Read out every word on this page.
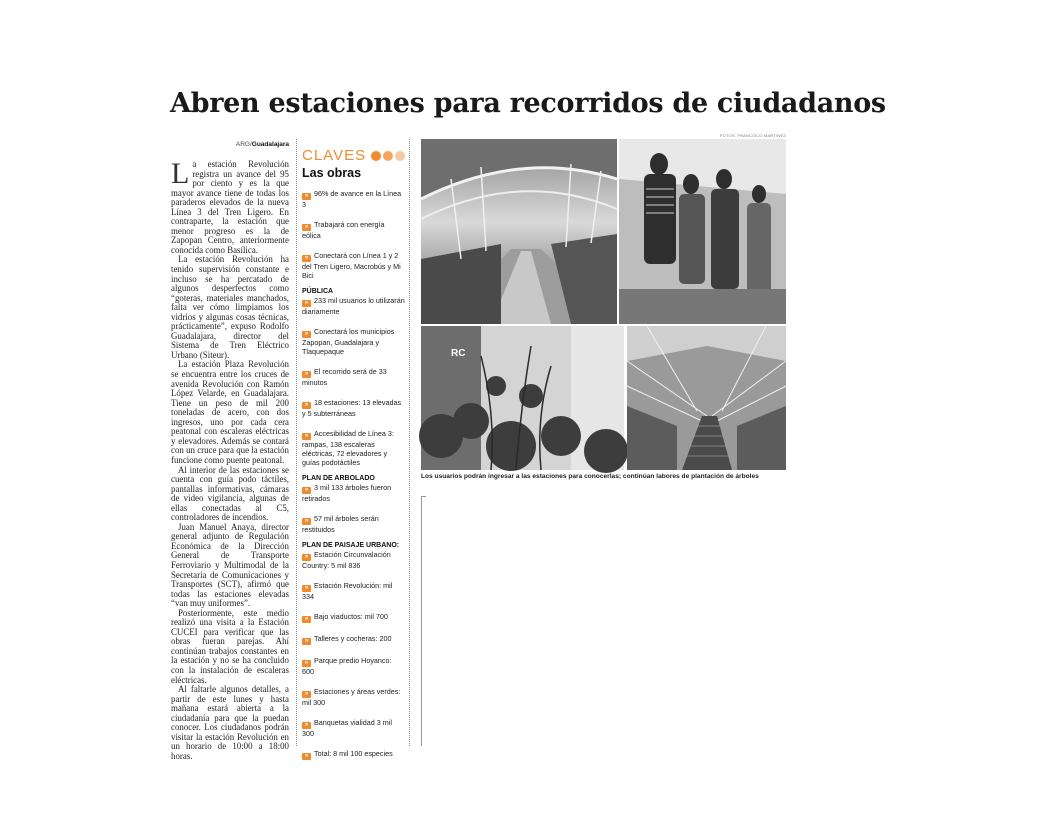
Abren estaciones para recorridos de ciudadanos
FOTOS: FRANCISCO MARTÍNEZ
ARG/Guadalajara

La estación Revolución registra un avance del 95 por ciento y es la que mayor avance tiene de todas los paraderos elevados de la nueva Línea 3 del Tren Ligero. En contraparte, la estación que menor progreso es la de Zapopan Centro, anteriormente conocida como Basílica.

La estación Revolución ha tenido supervisión constante e incluso se ha percatado de algunos desperfectos como “goteras, materiales manchados, falta ver cómo limpiamos los vidrios y algunas cosas técnicas, prácticamente”, expuso Rodolfo Guadalajara, director del Sistema de Tren Eléctrico Urbano (Siteur).

La estación Plaza Revolución se encuentra entre los cruces de avenida Revolución con Ramón López Velarde, en Guadalajara. Tiene un peso de mil 200 toneladas de acero, con dos ingresos, uno por cada cera peatonal con escaleras eléctricas y elevadores. Además se contará con un cruce para que la estación funcione como puente peatonal.

Al interior de las estaciones se cuenta con guía podo táctiles, pantallas informativas, cámaras de video vigilancia, algunas de ellas conectadas al C5, controladores de incendios.

Juan Manuel Anaya, director general adjunto de Regulación Económica de la Dirección General de Transporte Ferroviario y Multimodal de la Secretaría de Comunicaciones y Transportes (SCT), afirmó que todas las estaciones elevadas “van muy uniformes”.

Posteriormente, este medio realizó una visita a la Estación CUCEI para verificar que las obras fueran parejas. Ahí continúan trabajos constantes en la estación y no se ha concluido con la instalación de escaleras eléctricas.

Al faltarle algunos detalles, a partir de este lunes y hasta mañana estará abierta a la ciudadanía para que la puedan conocer. Los ciudadanos podrán visitar la estación Revolución en un horario de 10:00 a 18:00 horas.

CLAVES
Las obras
» 96% de avance en la Línea 3
» Trabajará con energía eólica
» Conectará con Línea 1 y 2 del Tren Ligero, Macrobús y Mi Bici
PÚBLICA
» 233 mil usuarios lo utilizarán diariamente
» Conectará los municipios Zapopan, Guadalajara y Tlaquepaque
» El recorrido será de 33 minutos
» 18 estaciones: 13 elevadas y 5 subterráneas
» Accesibilidad de Línea 3: rampas, 138 escaleras eléctricas, 72 elevadores y guías podotáctiles
PLAN DE ARBOLADO
» 3 mil 133 árboles fueron retirados
» 57 mil árboles serán restituidos
PLAN DE PAISAJE URBANO:
» Estación Circunvalación Country: 5 mil 836
» Estación Revolución: mil 334
» Bajo viaductos: mil 700
» Talleres y cocheras: 200
» Parque predio Hoyanco: 600
» Estaciones y áreas verdes: mil 300
» Banquetas vialidad 3 mil 300
» Total: 8 mil 100 especies
RC
Los usuarios podrán ingresar a las estaciones para conocerlas; continúan labores de plantación de árboles
